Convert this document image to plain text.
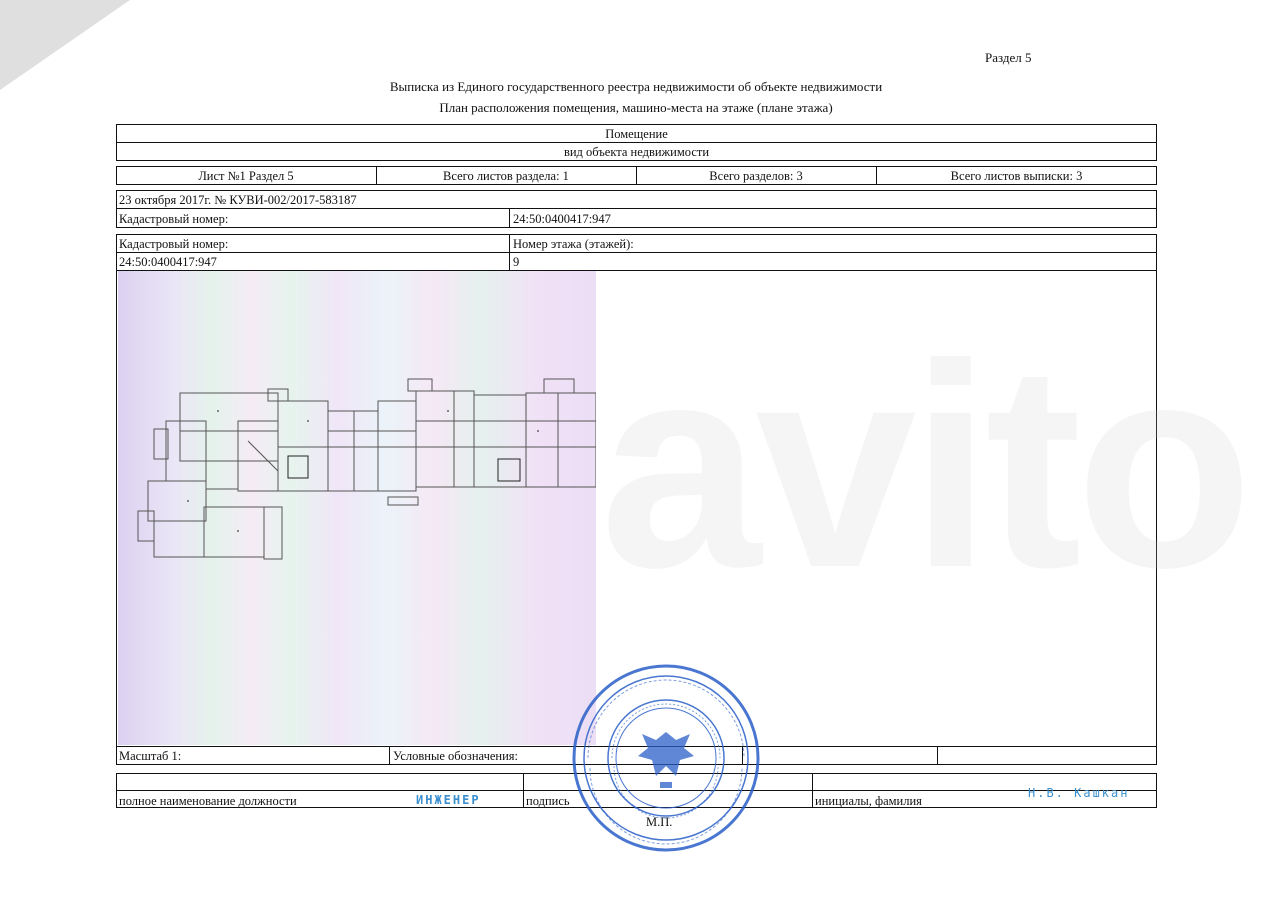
Раздел 5
Выписка из Единого государственного реестра недвижимости об объекте недвижимости
План расположения помещения, машино-места на этаже (плане этажа)
Помещение
вид объекта недвижимости
Лист №1 Раздел 5	Всего листов раздела: 1	Всего разделов: 3	Всего листов выписки: 3
23 октября 2017г. № КУВИ-002/2017-583187
Кадастровый номер:	24:50:0400417:947
Кадастровый номер:	Номер этажа (этажей):
24:50:0400417:947	9
avito
Масштаб 1:	Условные обозначения:
полное наименование должности	ИНЖЕНЕР	подпись	инициалы, фамилия
Н.В. Кашкан
М.П.
